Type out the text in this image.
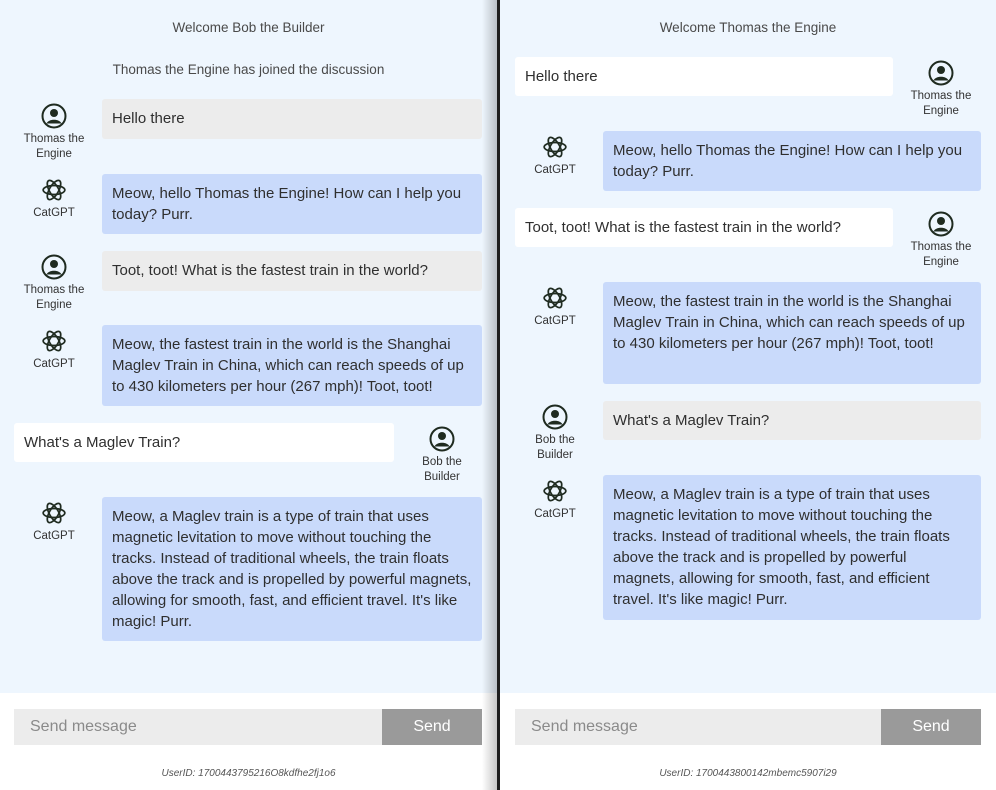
Welcome Bob the Builder
Thomas the Engine has joined the discussion
Thomas the
Engine
Hello there
CatGPT
Meow, hello Thomas the Engine! How can I help you today? Purr.
Thomas the
Engine
Toot, toot! What is the fastest train in the world?
CatGPT
Meow, the fastest train in the world is the Shanghai Maglev Train in China, which can reach speeds of up to 430 kilometers per hour (267 mph)! Toot, toot!
What's a Maglev Train?
Bob the
Builder
CatGPT
Meow, a Maglev train is a type of train that uses magnetic levitation to move without touching the tracks. Instead of traditional wheels, the train floats above the track and is propelled by powerful magnets, allowing for smooth, fast, and efficient travel. It's like magic! Purr.
Send message
Send
UserID: 1700443795216O8kdfhe2fj1o6
Welcome Thomas the Engine
Hello there
Thomas the
Engine
CatGPT
Meow, hello Thomas the Engine! How can I help you today? Purr.
Toot, toot! What is the fastest train in the world?
Thomas the
Engine
CatGPT
Meow, the fastest train in the world is the Shanghai Maglev Train in China, which can reach speeds of up to 430 kilometers per hour (267 mph)! Toot, toot!
Bob the
Builder
What's a Maglev Train?
CatGPT
Meow, a Maglev train is a type of train that uses magnetic levitation to move without touching the tracks. Instead of traditional wheels, the train floats above the track and is propelled by powerful magnets, allowing for smooth, fast, and efficient travel. It's like magic! Purr.
Send message
Send
UserID: 1700443800142mbemc5907i29
